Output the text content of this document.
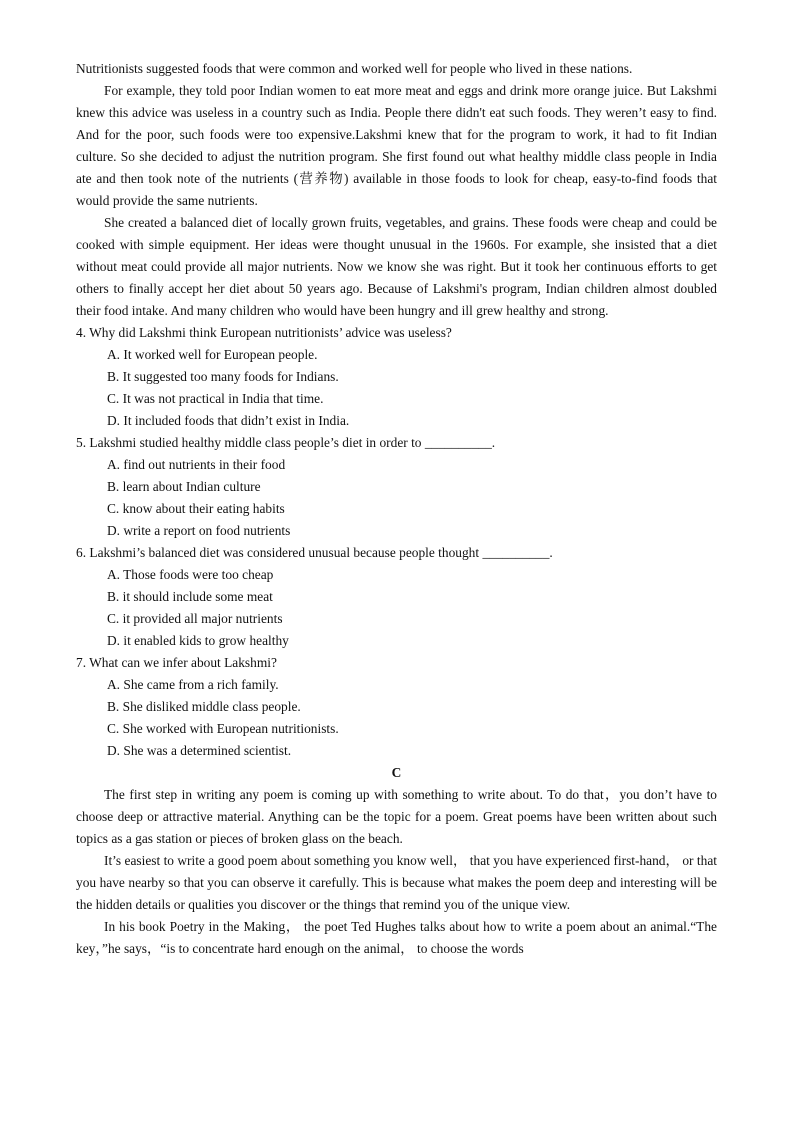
Nutritionists suggested foods that were common and worked well for people who lived in these nations.

For example, they told poor Indian women to eat more meat and eggs and drink more orange juice. But Lakshmi knew this advice was useless in a country such as India. People there didn't eat such foods. They weren’t easy to find. And for the poor, such foods were too expensive.Lakshmi knew that for the program to work, it had to fit Indian culture. So she decided to adjust the nutrition program. She first found out what healthy middle class people in India ate and then took note of the nutrients (营养物) available in those foods to look for cheap, easy-to-find foods that would provide the same nutrients.

She created a balanced diet of locally grown fruits, vegetables, and grains. These foods were cheap and could be cooked with simple equipment. Her ideas were thought unusual in the 1960s. For example, she insisted that a diet without meat could provide all major nutrients. Now we know she was right. But it took her continuous efforts to get others to finally accept her diet about 50 years ago. Because of Lakshmi's program, Indian children almost doubled their food intake. And many children who would have been hungry and ill grew healthy and strong.

4. Why did Lakshmi think European nutritionists’ advice was useless?

A. It worked well for European people.

B. It suggested too many foods for Indians.

C. It was not practical in India that time.

D. It included foods that didn’t exist in India.

5. Lakshmi studied healthy middle class people’s diet in order to __________.

A. find out nutrients in their food

B. learn about Indian culture

C. know about their eating habits

D. write a report on food nutrients

6. Lakshmi’s balanced diet was considered unusual because people thought __________.

A. Those foods were too cheap

B. it should include some meat

C. it provided all major nutrients

D. it enabled kids to grow healthy

7. What can we infer about Lakshmi?

A. She came from a rich family.

B. She disliked middle class people.

C. She worked with European nutritionists.

D. She was a determined scientist.

C

The first step in writing any poem is coming up with something to write about. To do that，you don’t have to choose deep or attractive material. Anything can be the topic for a poem. Great poems have been written about such topics as a gas station or pieces of broken glass on the beach.

It’s easiest to write a good poem about something you know well， that you have experienced first-hand， or that you have nearby so that you can observe it carefully. This is because what makes the poem deep and interesting will be the hidden details or qualities you discover or the things that remind you of the unique view.

In his book Poetry in the Making， the poet Ted Hughes talks about how to write a poem about an animal.“The key，”he says，“is to concentrate hard enough on the animal， to choose the words
